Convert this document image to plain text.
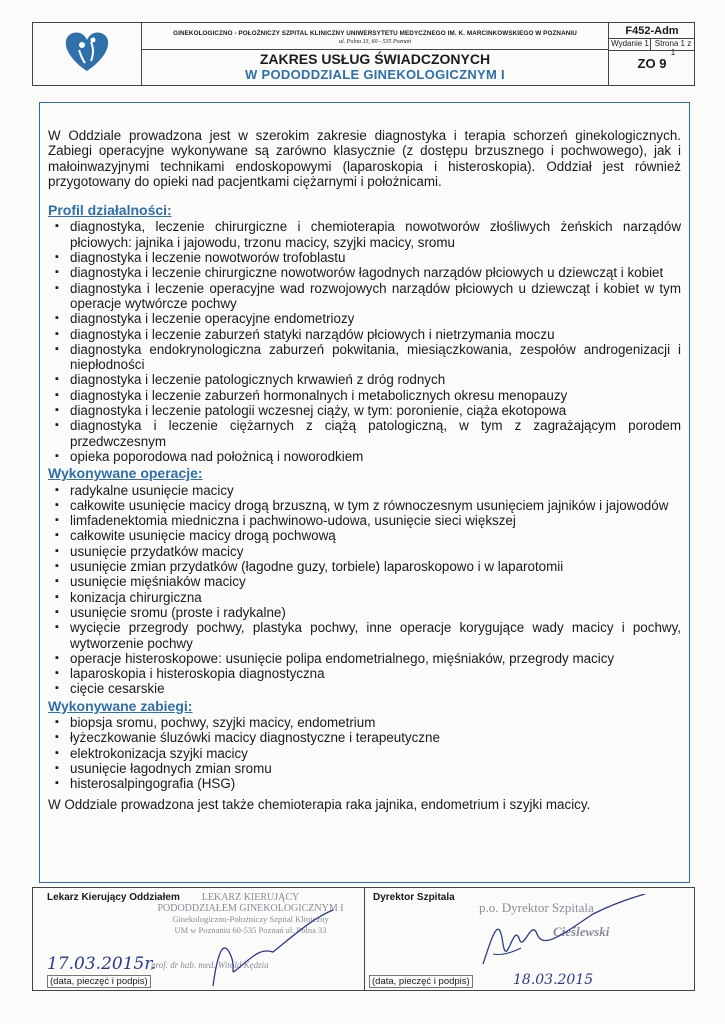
GINEKOLOGICZNO - POŁOŻNICZY SZPITAL KLINICZNY UNIWERSYTETU MEDYCZNEGO IM. K. MARCINKOWSKIEGO W POZNANIU
ul. Polna 33, 60 - 535 Poznań
ZAKRES USŁUG ŚWIADCZONYCH
W PODODDZIALE GINEKOLOGICZNYM I
F452-Adm
Wydanie 1 Strona 1 z 1
ZO 9

W Oddziale prowadzona jest w szerokim zakresie diagnostyka i terapia schorzeń ginekologicznych. Zabiegi operacyjne wykonywane są zarówno klasycznie (z dostępu brzusznego i pochwowego), jak i małoinwazyjnymi technikami endoskopowymi (laparoskopia i histeroskopia). Oddział jest również przygotowany do opieki nad pacjentkami ciężarnymi i położnicami.

Profil działalności:
▪ diagnostyka, leczenie chirurgiczne i chemioterapia nowotworów złośliwych żeńskich narządów płciowych: jajnika i jajowodu, trzonu macicy, szyjki macicy, sromu
▪ diagnostyka i leczenie nowotworów trofoblastu
▪ diagnostyka i leczenie chirurgiczne nowotworów łagodnych narządów płciowych u dziewcząt i kobiet
▪ diagnostyka i leczenie operacyjne wad rozwojowych narządów płciowych u dziewcząt i kobiet w tym operacje wytwórcze pochwy
▪ diagnostyka i leczenie operacyjne endometriozy
▪ diagnostyka i leczenie zaburzeń statyki narządów płciowych i nietrzymania moczu
▪ diagnostyka endokrynologiczna zaburzeń pokwitania, miesiączkowania, zespołów androgenizacji i niepłodności
▪ diagnostyka i leczenie patologicznych krwawień z dróg rodnych
▪ diagnostyka i leczenie zaburzeń hormonalnych i metabolicznych okresu menopauzy
▪ diagnostyka i leczenie patologii wczesnej ciąży, w tym: poronienie, ciąża ekotopowa
▪ diagnostyka i leczenie ciężarnych z ciążą patologiczną, w tym z zagrażającym porodem przedwczesnym
▪ opieka poporodowa nad położnicą i noworodkiem
Wykonywane operacje:
▪ radykalne usunięcie macicy
▪ całkowite usunięcie macicy drogą brzuszną, w tym z równoczesnym usunięciem jajników i jajowodów
▪ limfadenektomia miedniczna i pachwinowo-udowa, usunięcie sieci większej
▪ całkowite usunięcie macicy drogą pochwową
▪ usunięcie przydatków macicy
▪ usunięcie zmian przydatków (łagodne guzy, torbiele) laparoskopowo i w laparotomii
▪ usunięcie mięśniaków macicy
▪ konizacja chirurgiczna
▪ usunięcie sromu (proste i radykalne)
▪ wycięcie przegrody pochwy, plastyka pochwy, inne operacje korygujące wady macicy i pochwy, wytworzenie pochwy
▪ operacje histeroskopowe: usunięcie polipa endometrialnego, mięśniaków, przegrody macicy
▪ laparoskopia i histeroskopia diagnostyczna
▪ cięcie cesarskie
Wykonywane zabiegi:
▪ biopsja sromu, pochwy, szyjki macicy, endometrium
▪ łyżeczkowanie śluzówki macicy diagnostyczne i terapeutyczne
▪ elektrokonizacja szyjki macicy
▪ usunięcie łagodnych zmian sromu
▪ histerosalpingografia (HSG)

W Oddziale prowadzona jest także chemioterapia raka jajnika, endometrium i szyjki macicy.

Lekarz Kierujący Oddziałem	LEKARZ KIERUJĄCY
PODODDZIAŁEM GINEKOLOGICZNYM I
Ginekologiczno-Położniczy Szpital Kliniczny
UM w Poznaniu 60-535 Poznań ul. Polna 33
prof. dr hab. med. Witold Kędzia
17.03.2015r.
(data, pieczęć i podpis)
Dyrektor Szpitala
p.o. Dyrektor Szpitala
Cieślewski
(data, pieczęć i podpis)	18.03.2015
